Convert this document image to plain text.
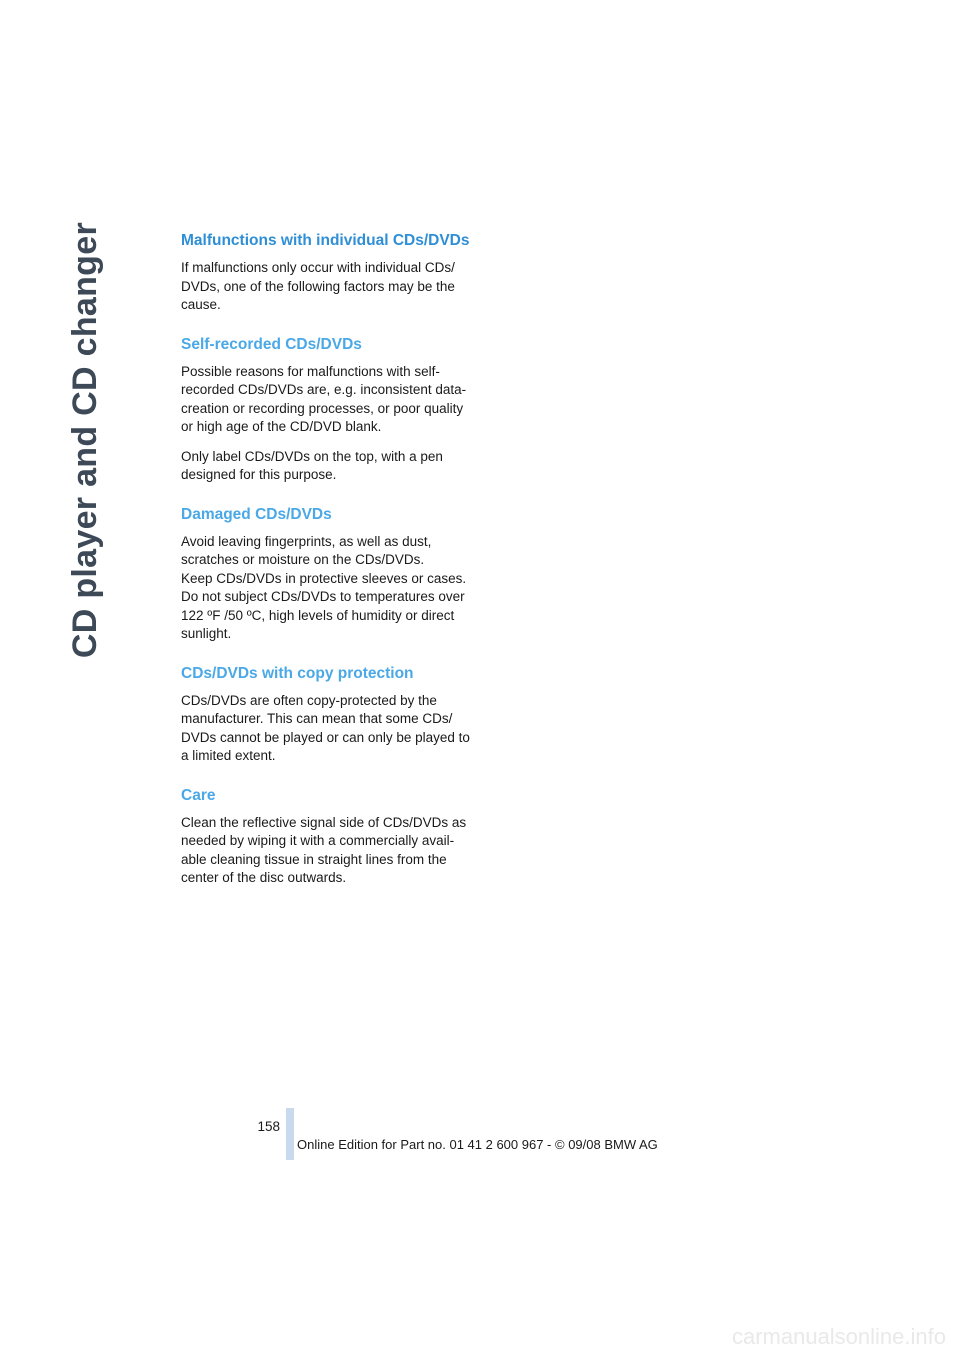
CD player and CD changer	Malfunctions with individual CDs/DVDs

If malfunctions only occur with individual CDs/
DVDs, one of the following factors may be the
cause.

Self-recorded CDs/DVDs

Possible reasons for malfunctions with self-
recorded CDs/DVDs are, e.g. inconsistent data-
creation or recording processes, or poor quality
or high age of the CD/DVD blank.

Only label CDs/DVDs on the top, with a pen
designed for this purpose.

Damaged CDs/DVDs

Avoid leaving fingerprints, as well as dust,
scratches or moisture on the CDs/DVDs.
Keep CDs/DVDs in protective sleeves or cases.
Do not subject CDs/DVDs to temperatures over
122 ºF /50 ºC, high levels of humidity or direct
sunlight.

CDs/DVDs with copy protection

CDs/DVDs are often copy-protected by the
manufacturer. This can mean that some CDs/
DVDs cannot be played or can only be played to
a limited extent.

Care

Clean the reflective signal side of CDs/DVDs as
needed by wiping it with a commercially avail-
able cleaning tissue in straight lines from the
center of the disc outwards.

158
Online Edition for Part no. 01 41 2 600 967 - © 09/08 BMW AG
carmanualsonline.info
